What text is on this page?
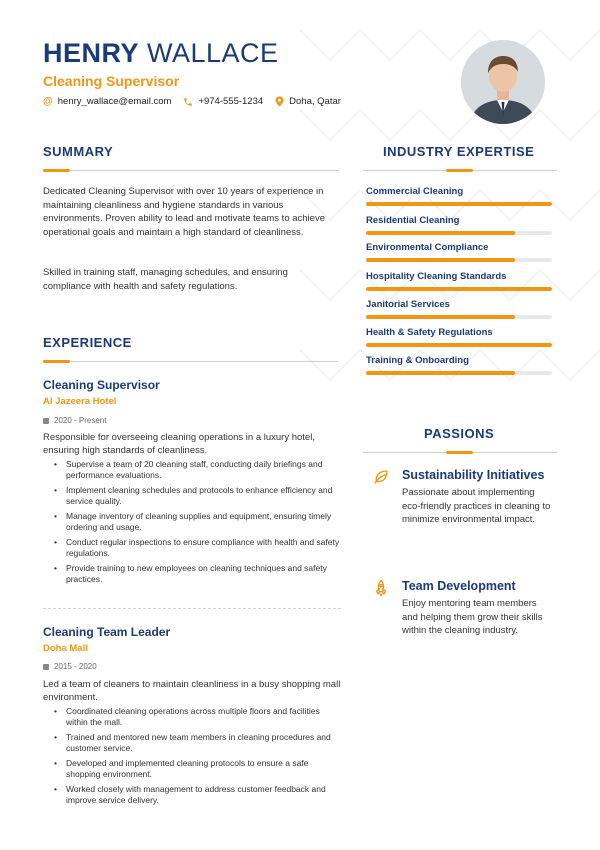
HENRY WALLACE
Cleaning Supervisor
@ henry_wallace@email.com	+974-555-1234	Doha, Qatar
SUMMARY

Dedicated Cleaning Supervisor with over 10 years of experience in maintaining cleanliness and hygiene standards in various environments. Proven ability to lead and motivate teams to achieve operational goals and maintain a high standard of cleanliness.

Skilled in training staff, managing schedules, and ensuring compliance with health and safety regulations.

EXPERIENCE
Cleaning Supervisor
Al Jazeera Hotel
2020 - Present

Responsible for overseeing cleaning operations in a luxury hotel, ensuring high standards of cleanliness.

• Supervise a team of 20 cleaning staff, conducting daily briefings and performance evaluations.
• Implement cleaning schedules and protocols to enhance efficiency and service quality.
• Manage inventory of cleaning supplies and equipment, ensuring timely ordering and usage.
• Conduct regular inspections to ensure compliance with health and safety regulations.
• Provide training to new employees on cleaning techniques and safety practices.
Cleaning Team Leader
Doha Mall
2015 - 2020

Led a team of cleaners to maintain cleanliness in a busy shopping mall environment.

• Coordinated cleaning operations across multiple floors and facilities within the mall.
• Trained and mentored new team members in cleaning procedures and customer service.
• Developed and implemented cleaning protocols to ensure a safe shopping environment.
• Worked closely with management to address customer feedback and improve service delivery.
INDUSTRY EXPERTISE
Commercial Cleaning
Residential Cleaning
Environmental Compliance
Hospitality Cleaning Standards
Janitorial Services
Health & Safety Regulations
Training & Onboarding
PASSIONS
Sustainability Initiatives

Passionate about implementing eco-friendly practices in cleaning to minimize environmental impact.

Team Development

Enjoy mentoring team members and helping them grow their skills within the cleaning industry.
